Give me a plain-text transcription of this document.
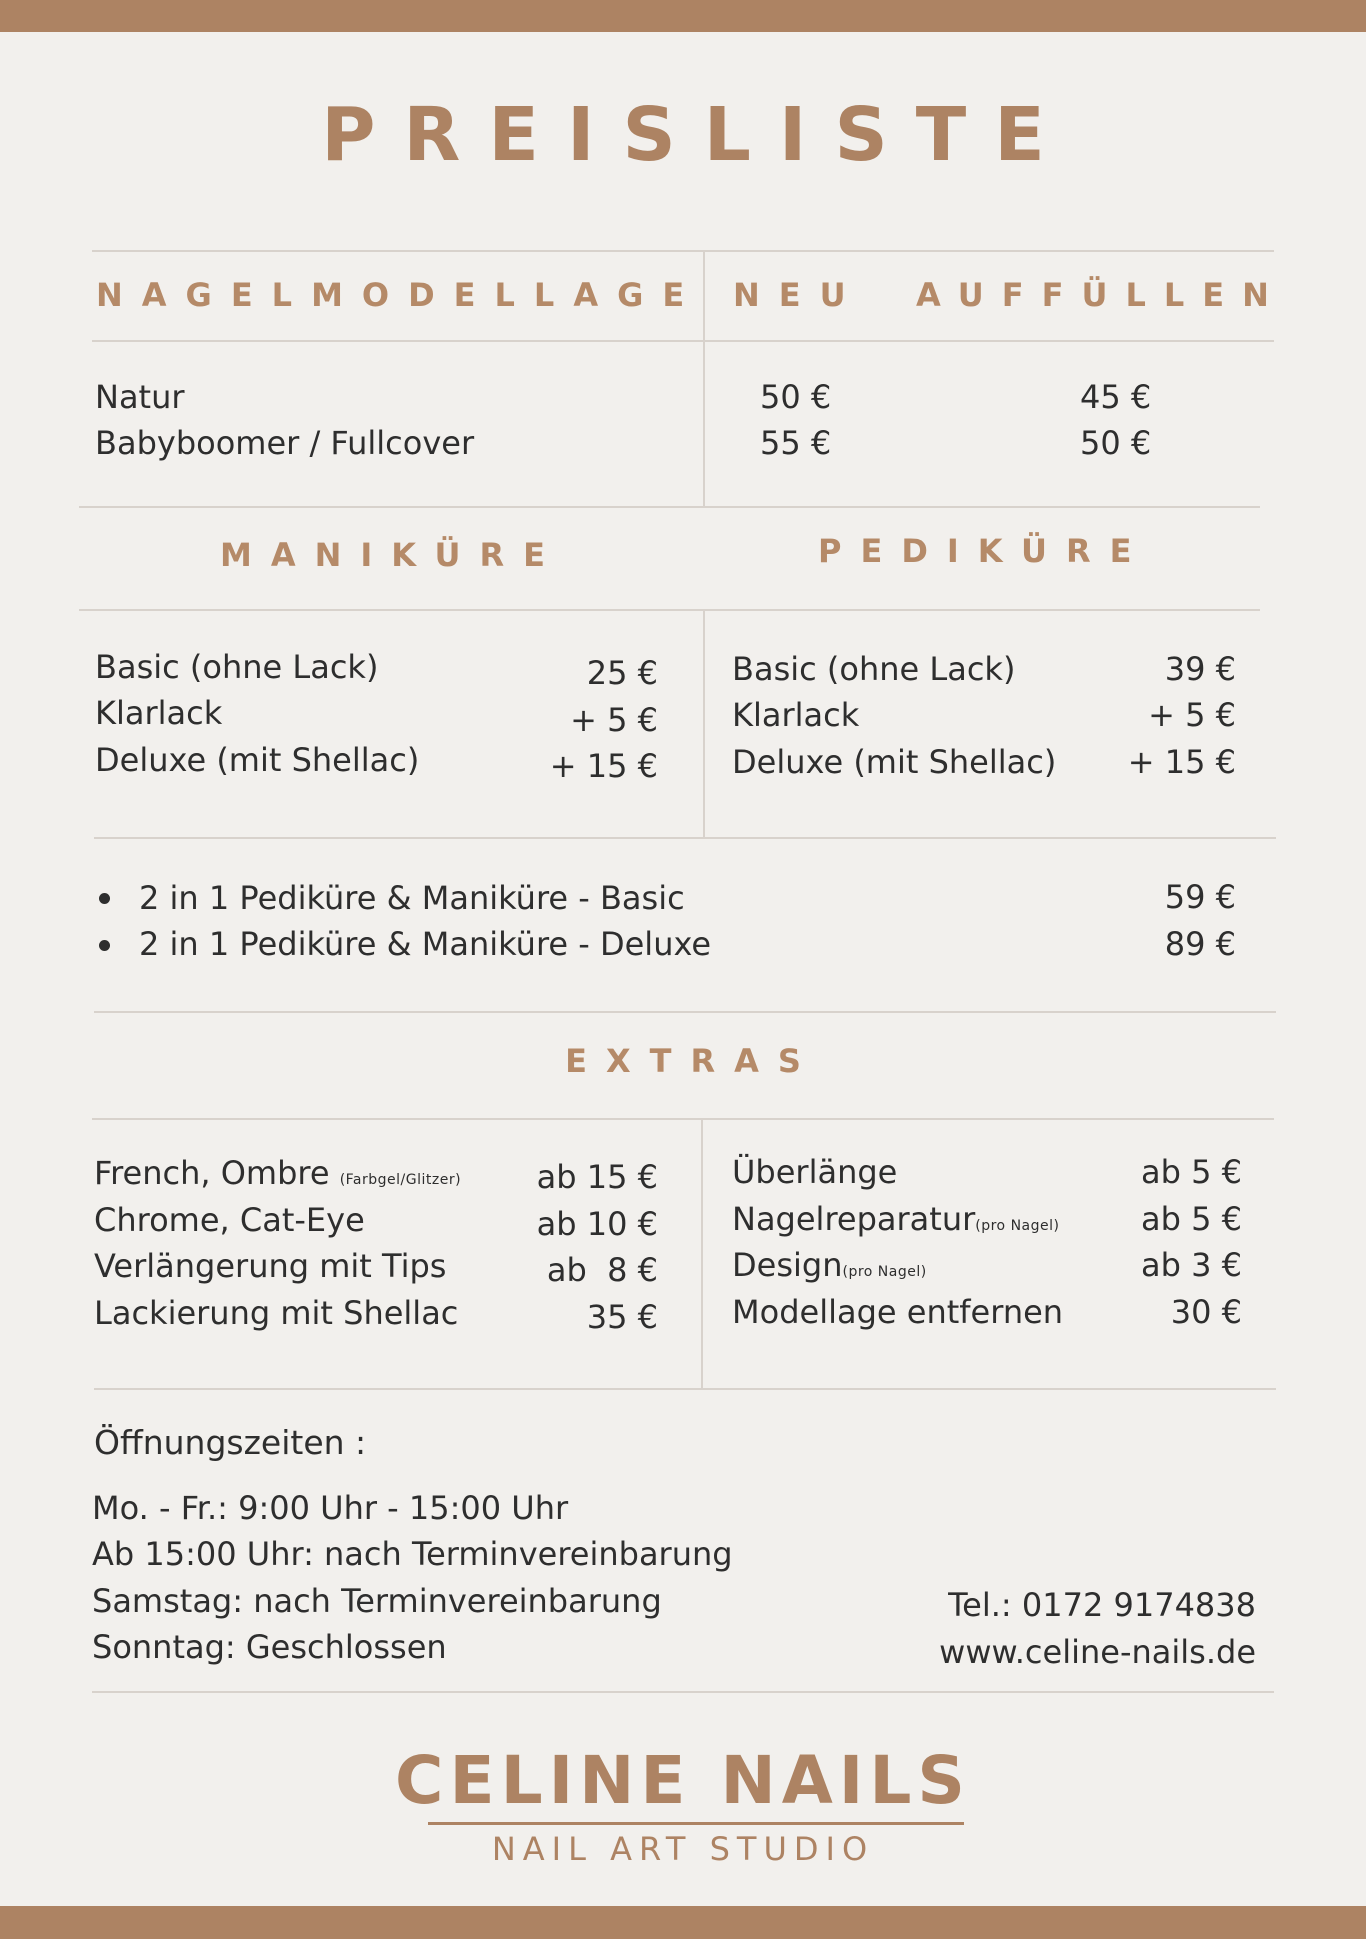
PREISLISTE
NAGELMODELLAGE NEU AUFFÜLLEN
Natur	50 €	45 €
Babyboomer / Fullcover	55 €	50 €
MANIKÜRE	PEDIKÜRE
Basic (ohne Lack)	25 €
Klarlack	+ 5 €
Deluxe (mit Shellac)	+ 15 €
Basic (ohne Lack)	39 €
Klarlack	+ 5 €
Deluxe (mit Shellac)	+ 15 €
2 in 1 Pediküre & Maniküre - Basic	59 €
2 in 1 Pediküre & Maniküre - Deluxe	89 €
EXTRAS
French, Ombre (Farbgel/Glitzer)	ab 15 €
Chrome, Cat-Eye	ab 10 €
Verlängerung mit Tips	ab  8 €
Lackierung mit Shellac	35 €
Überlänge	ab 5 €
Nagelreparatur(pro Nagel)	ab 5 €
Design(pro Nagel)	ab 3 €
Modellage entfernen	30 €
Öffnungszeiten :
Mo. - Fr.: 9:00 Uhr - 15:00 Uhr
Ab 15:00 Uhr: nach Terminvereinbarung
Samstag: nach Terminvereinbarung
Sonntag: Geschlossen
Tel.: 0172 9174838
www.celine-nails.de
CELINE NAILS
NAIL ART STUDIO
